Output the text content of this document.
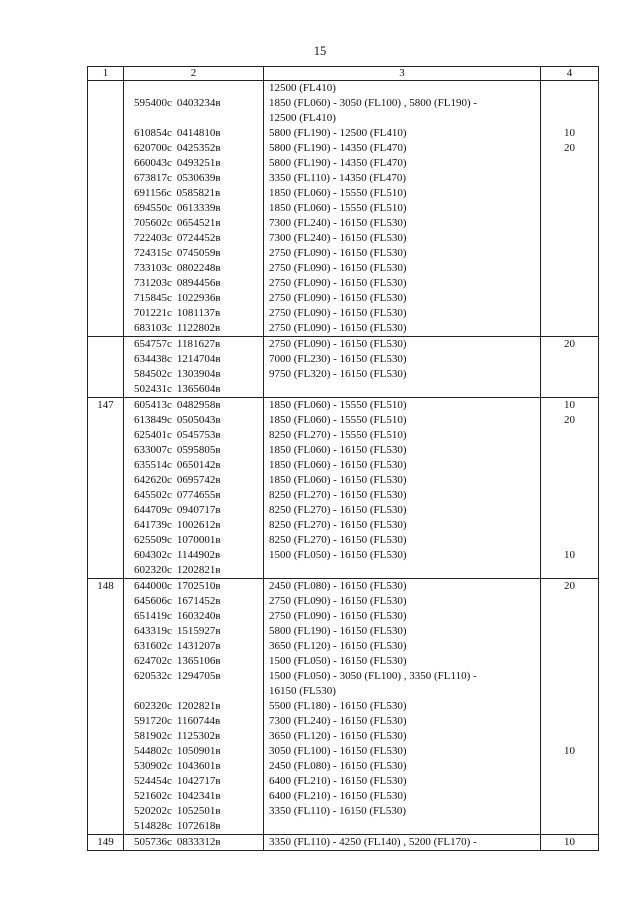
15
1	2	3	4

		12500 (FL410)	

	595400c 0403234в	1850 (FL060) - 3050 (FL100) , 5800 (FL190) -
12500 (FL410)	

	610854c 0414810в	5800 (FL190) - 12500 (FL410)	10
	620700c 0425352в	5800 (FL190) - 14350 (FL470)	20
	660043c 0493251в	5800 (FL190) - 14350 (FL470)	

	673817c 0530639в	3350 (FL110) - 14350 (FL470)	

	691156c 0585821в	1850 (FL060) - 15550 (FL510)	

	694550c 0613339в	1850 (FL060) - 15550 (FL510)	

	705602c 0654521в	7300 (FL240) - 16150 (FL530)	

	722403c 0724452в	7300 (FL240) - 16150 (FL530)	

	724315c 0745059в	2750 (FL090) - 16150 (FL530)	

	733103c 0802248в	2750 (FL090) - 16150 (FL530)	

	731203c 0894456в	2750 (FL090) - 16150 (FL530)	

	715845c 1022936в	2750 (FL090) - 16150 (FL530)	

	701221c 1081137в	2750 (FL090) - 16150 (FL530)	

	683103c 1122802в	2750 (FL090) - 16150 (FL530)	

	654757c 1181627в	2750 (FL090) - 16150 (FL530)	20
	634438c 1214704в	7000 (FL230) - 16150 (FL530)	

	584502c 1303904в	9750 (FL320) - 16150 (FL530)	

	502431c 1365604в	

147	605413c 0482958в	1850 (FL060) - 15550 (FL510)	10
	613849c 0505043в	1850 (FL060) - 15550 (FL510)	20
	625401c 0545753в	8250 (FL270) - 15550 (FL510)	

	633007c 0595805в	1850 (FL060) - 16150 (FL530)	

	635514c 0650142в	1850 (FL060) - 16150 (FL530)	

	642620c 0695742в	1850 (FL060) - 16150 (FL530)	

	645502c 0774655в	8250 (FL270) - 16150 (FL530)	

	644709c 0940717в	8250 (FL270) - 16150 (FL530)	

	641739c 1002612в	8250 (FL270) - 16150 (FL530)	

	625509c 1070001в	8250 (FL270) - 16150 (FL530)	

	604302c 1144902в	1500 (FL050) - 16150 (FL530)	10
	602320c 1202821в	

148	644000c 1702510в	2450 (FL080) - 16150 (FL530)	20
	645606c 1671452в	2750 (FL090) - 16150 (FL530)	

	651419c 1603240в	2750 (FL090) - 16150 (FL530)	

	643319c 1515927в	5800 (FL190) - 16150 (FL530)	

	631602c 1431207в	3650 (FL120) - 16150 (FL530)	

	624702c 1365106в	1500 (FL050) - 16150 (FL530)	

	620532c 1294705в	1500 (FL050) - 3050 (FL100) , 3350 (FL110) -
16150 (FL530)	

	602320c 1202821в	5500 (FL180) - 16150 (FL530)	

	591720c 1160744в	7300 (FL240) - 16150 (FL530)	

	581902c 1125302в	3650 (FL120) - 16150 (FL530)	

	544802c 1050901в	3050 (FL100) - 16150 (FL530)	10
	530902c 1043601в	2450 (FL080) - 16150 (FL530)	

	524454c 1042717в	6400 (FL210) - 16150 (FL530)	

	521602c 1042341в	6400 (FL210) - 16150 (FL530)	

	520202c 1052501в	3350 (FL110) - 16150 (FL530)	

	514828c 1072618в	

149	505736c 0833312в	3350 (FL110) - 4250 (FL140) , 5200 (FL170) -	10
